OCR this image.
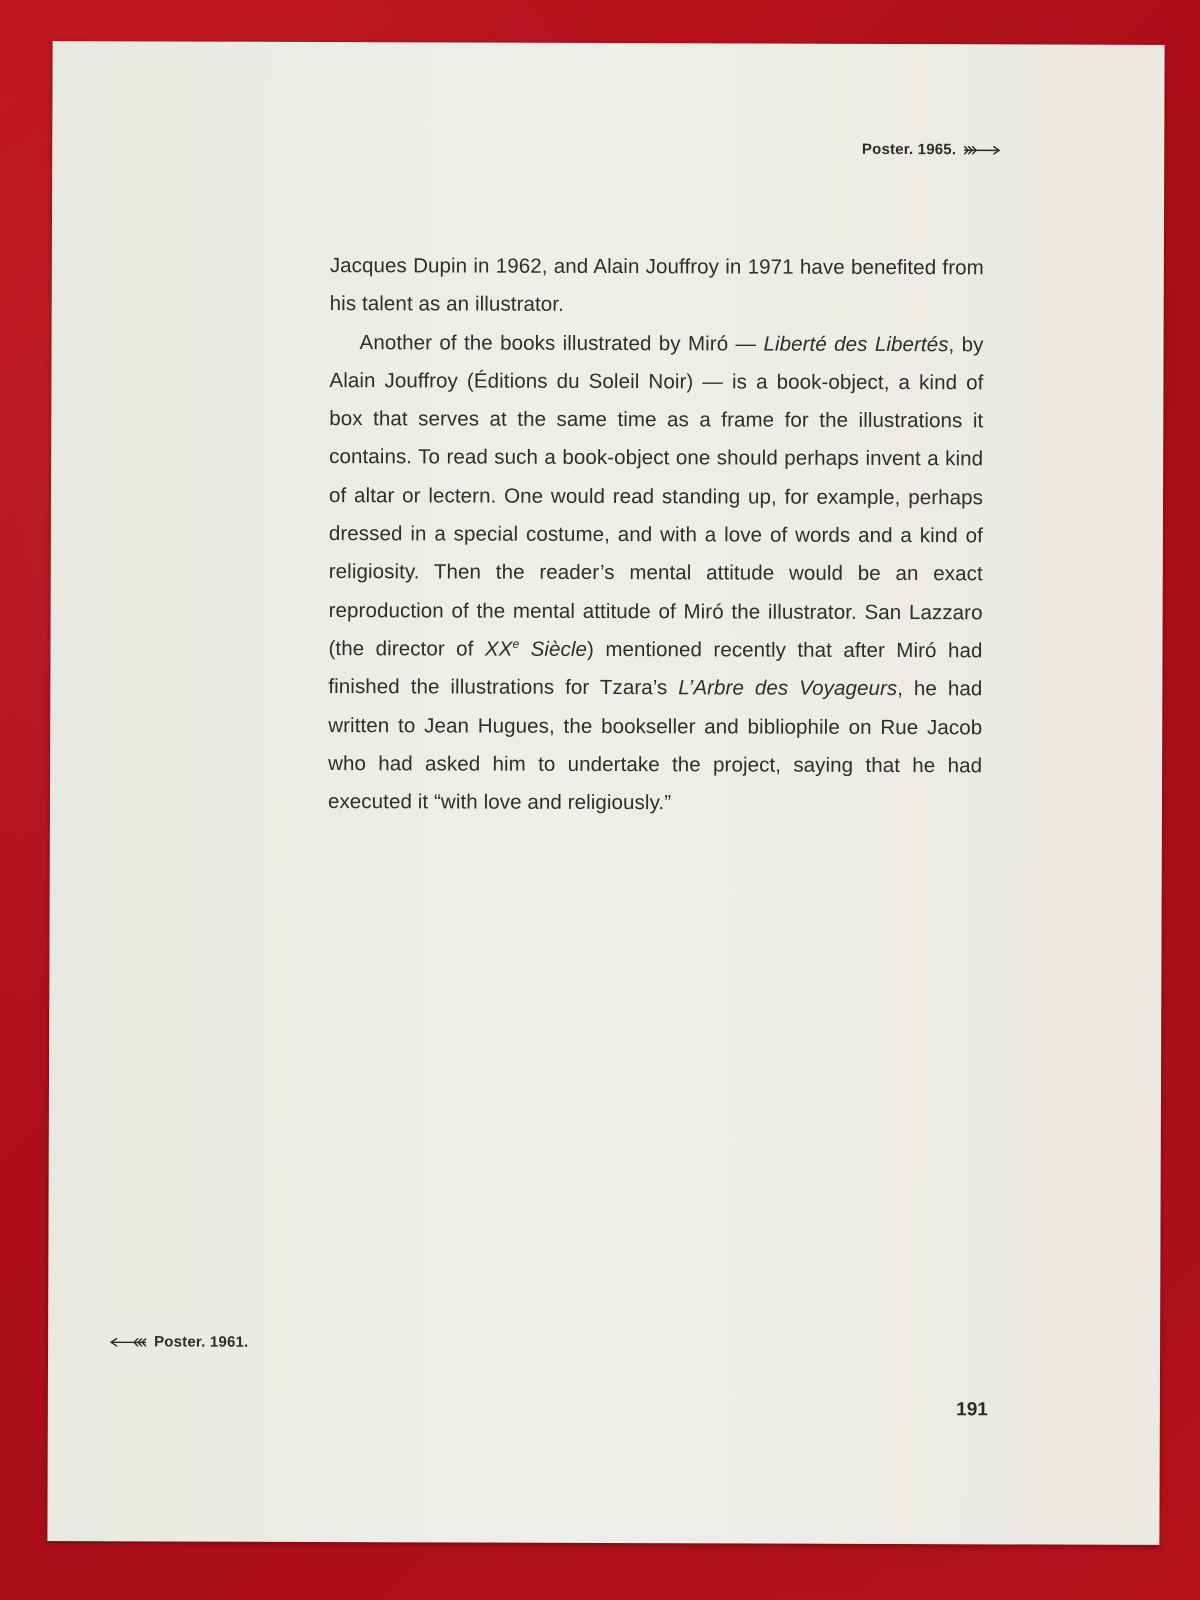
Poster. 1965.

Jacques Dupin in 1962, and Alain Jouffroy in 1971 have benefited from his talent as an illustrator.

Another of the books illustrated by Miró — Liberté des Libertés, by Alain Jouffroy (Éditions du Soleil Noir) — is a book-object, a kind of box that serves at the same time as a frame for the illustrations it contains. To read such a book-object one should perhaps invent a kind of altar or lectern. One would read standing up, for example, perhaps dressed in a special costume, and with a love of words and a kind of religiosity. Then the reader’s mental attitude would be an exact reproduction of the mental attitude of Miró the illustrator. San Lazzaro (the director of XXe Siècle) mentioned recently that after Miró had finished the illustrations for Tzara’s L’Arbre des Voyageurs, he had written to Jean Hugues, the bookseller and bibliophile on Rue Jacob who had asked him to undertake the project, saying that he had executed it “with love and religiously.”

Poster. 1961.
191
